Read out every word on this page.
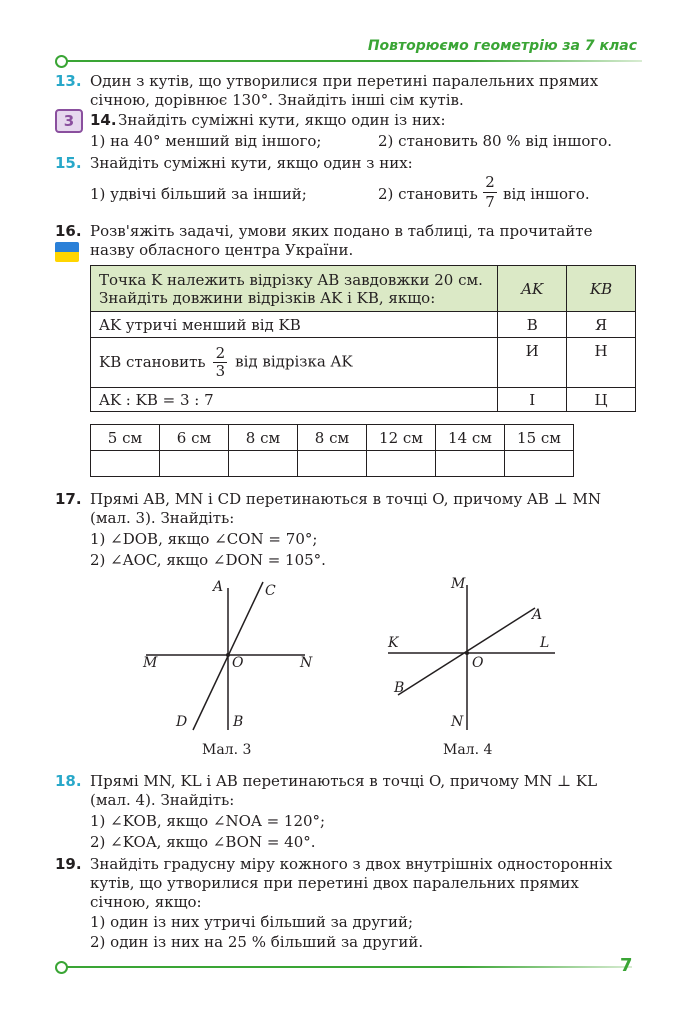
Повторюємо геометрію за 7 клас
13. Один з кутів, що утворилися при перетині паралельних прямих
січною, дорівнює 130°. Знайдіть інші сім кутів.
3	14. Знайдіть суміжні кути, якщо один із них:
1) на 40° менший від іншого;	2) становить 80 % від іншого.
15. Знайдіть суміжні кути, якщо один з них:
1) удвічі більший за інший;	2) становить
2
7 від іншого.
16. Розв'яжіть задачі, умови яких подано в таблиці, та прочитайте
назву обласного центра України.
Точка K належить відрізку AB завдовжки 20 см.
Знайдіть довжини відрізків AK і KB, якщо:	AK	KB
AK утричі менший від KB	В	Я
KB становить $\frac{2}{3}$ від відрізка AK	И	Н
AK : KB = 3 : 7	І	Ц
5 см	6 см	8 см	8 см	12 см	14 см	15 см

17. Прямі AB, MN і CD перетинаються в точці O, причому AB ⊥ MN
(мал. 3). Знайдіть:
1) ∠DOB, якщо ∠CON = 70°;
2) ∠AOC, якщо ∠DON = 105°.
A	C
M	O	N
D	B
Мал. 3
M
A
K	L
O
B
N
Мал. 4
18. Прямі MN, KL і AB перетинаються в точці O, причому MN ⊥ KL
(мал. 4). Знайдіть:
1) ∠KOB, якщо ∠NOA = 120°;
2) ∠KOA, якщо ∠BON = 40°.
19. Знайдіть градусну міру кожного з двох внутрішніх односторонніх
кутів, що утворилися при перетині двох паралельних прямих
січною, якщо:
1) один із них утричі більший за другий;
2) один із них на 25 % більший за другий.
7
